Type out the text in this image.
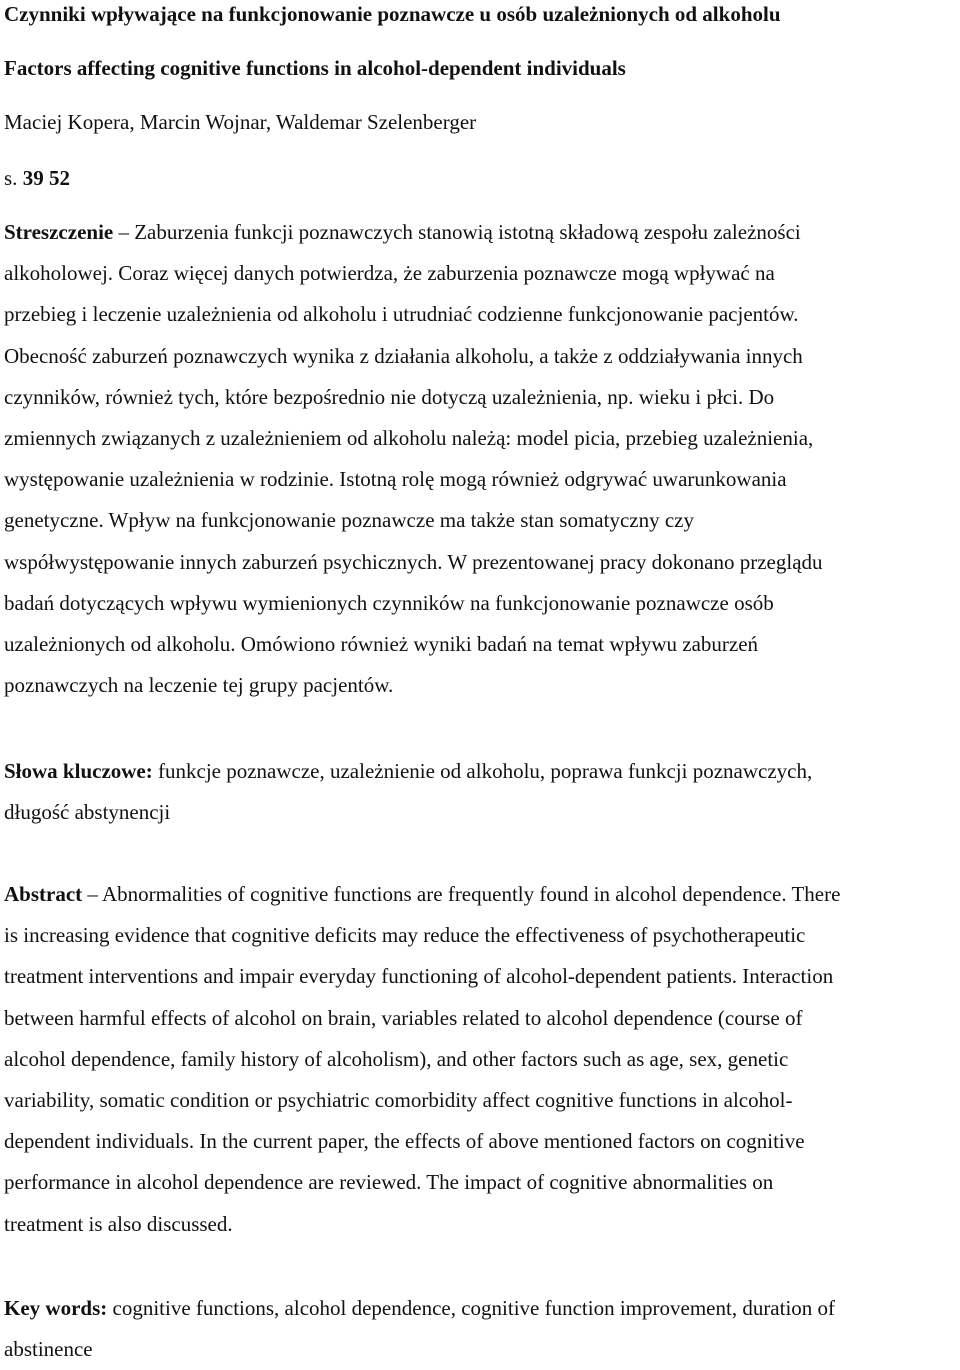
Czynniki wpływające na funkcjonowanie poznawcze u osób uzależnionych od alkoholu
Factors affecting cognitive functions in alcohol-dependent individuals
Maciej Kopera, Marcin Wojnar, Waldemar Szelenberger
s. 39 52
Streszczenie – Zaburzenia funkcji poznawczych stanowią istotną składową zespołu zależności
alkoholowej. Coraz więcej danych potwierdza, że zaburzenia poznawcze mogą wpływać na
przebieg i leczenie uzależnienia od alkoholu i utrudniać codzienne funkcjonowanie pacjentów.
Obecność zaburzeń poznawczych wynika z działania alkoholu, a także z oddziaływania innych
czynników, również tych, które bezpośrednio nie dotyczą uzależnienia, np. wieku i płci. Do
zmiennych związanych z uzależnieniem od alkoholu należą: model picia, przebieg uzależnienia,
występowanie uzależnienia w rodzinie. Istotną rolę mogą również odgrywać uwarunkowania
genetyczne. Wpływ na funkcjonowanie poznawcze ma także stan somatyczny czy
współwystępowanie innych zaburzeń psychicznych. W prezentowanej pracy dokonano przeglądu
badań dotyczących wpływu wymienionych czynników na funkcjonowanie poznawcze osób
uzależnionych od alkoholu. Omówiono również wyniki badań na temat wpływu zaburzeń
poznawczych na leczenie tej grupy pacjentów.
Słowa kluczowe: funkcje poznawcze, uzależnienie od alkoholu, poprawa funkcji poznawczych,
długość abstynencji
Abstract – Abnormalities of cognitive functions are frequently found in alcohol dependence. There
is increasing evidence that cognitive deficits may reduce the effectiveness of psychotherapeutic
treatment interventions and impair everyday functioning of alcohol-dependent patients. Interaction
between harmful effects of alcohol on brain, variables related to alcohol dependence (course of
alcohol dependence, family history of alcoholism), and other factors such as age, sex, genetic
variability, somatic condition or psychiatric comorbidity affect cognitive functions in alcohol-
dependent individuals. In the current paper, the effects of above mentioned factors on cognitive
performance in alcohol dependence are reviewed. The impact of cognitive abnormalities on
treatment is also discussed.
Key words: cognitive functions, alcohol dependence, cognitive function improvement, duration of
abstinence
